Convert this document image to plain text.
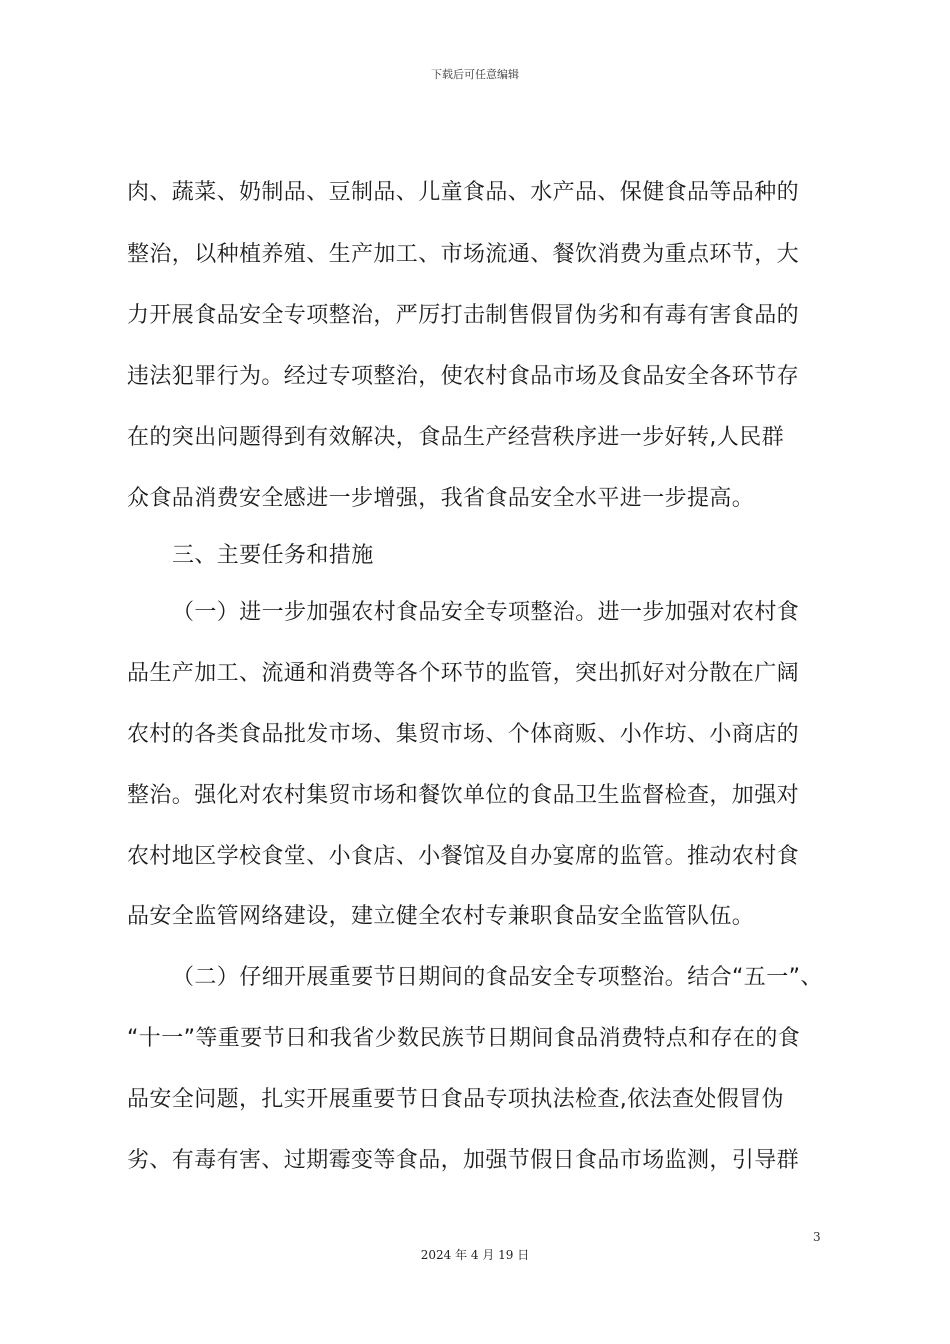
下载后可任意编辑
肉、蔬菜、奶制品、豆制品、儿童食品、水产品、保健食品等品种的
整治，以种植养殖、生产加工、市场流通、餐饮消费为重点环节，大
力开展食品安全专项整治，严厉打击制售假冒伪劣和有毒有害食品的
违法犯罪行为。经过专项整治，使农村食品市场及食品安全各环节存
在的突出问题得到有效解决，食品生产经营秩序进一步好转,人民群
众食品消费安全感进一步增强，我省食品安全水平进一步提高。
三、主要任务和措施
（一）进一步加强农村食品安全专项整治。进一步加强对农村食
品生产加工、流通和消费等各个环节的监管，突出抓好对分散在广阔
农村的各类食品批发市场、集贸市场、个体商贩、小作坊、小商店的
整治。强化对农村集贸市场和餐饮单位的食品卫生监督检查，加强对
农村地区学校食堂、小食店、小餐馆及自办宴席的监管。推动农村食
品安全监管网络建设，建立健全农村专兼职食品安全监管队伍。
（二）仔细开展重要节日期间的食品安全专项整治。结合“五一”、
“十一”等重要节日和我省少数民族节日期间食品消费特点和存在的食
品安全问题，扎实开展重要节日食品专项执法检查,依法查处假冒伪
劣、有毒有害、过期霉变等食品，加强节假日食品市场监测，引导群
3
2024 年 4 月 19 日
